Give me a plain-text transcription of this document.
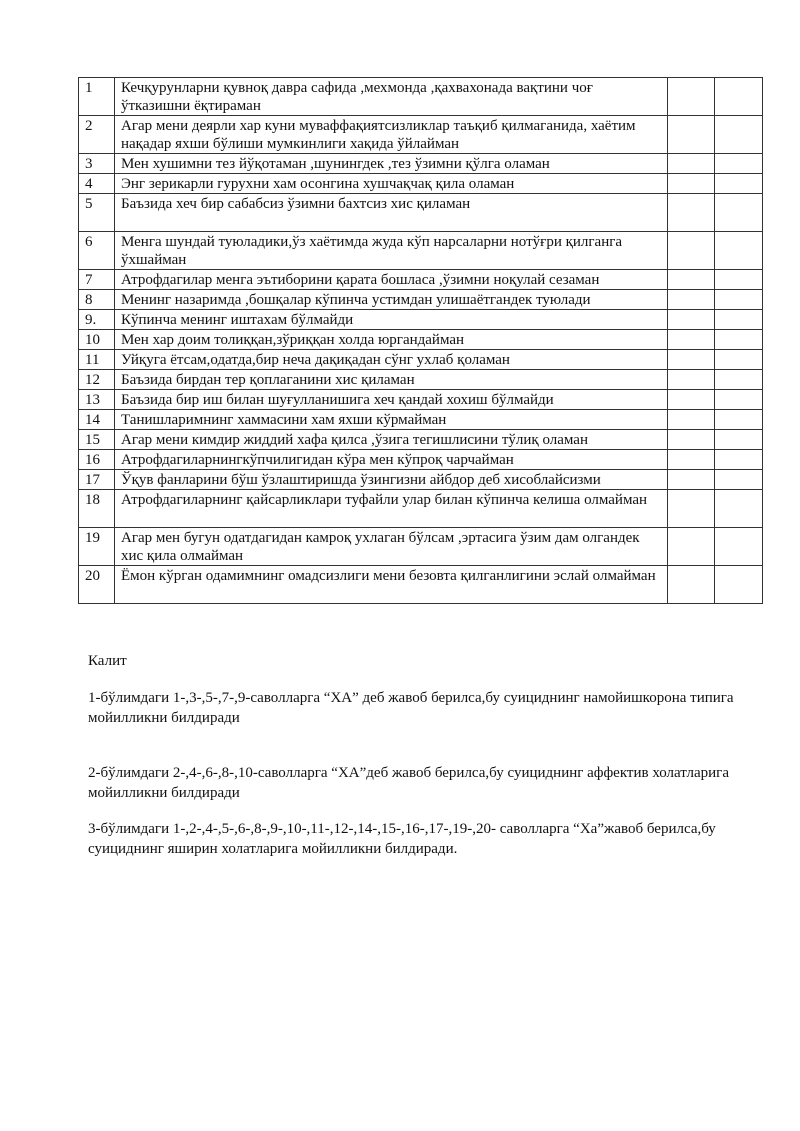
1	Кечқурунларни қувноқ давра сафида ,мехмонда ,қахвахонада вақтини чоғ ўтказишни ёқтираман		
2	Агар мени деярли хар куни муваффақиятсизликлар таъқиб қилмаганида, хаётим нақадар яхши бўлиши мумкинлиги хақида ўйлайман		
3	Мен хушимни тез йўқотаман ,шунингдек ,тез ўзимни қўлга оламан		
4	Энг зерикарли гурухни хам осонгина хушчақчақ қила оламан		
5	Баъзида хеч бир сабабсиз ўзимни бахтсиз хис қиламан		
6	Менга шундай туюладики,ўз хаётимда жуда кўп нарсаларни нотўғри қилганга ўхшайман		
7	Атрофдагилар менга эътиборини қарата бошласа ,ўзимни ноқулай сезаман		
8	Менинг назаримда ,бошқалар кўпинча устимдан улишаётгандек туюлади		
9.	Кўпинча менинг иштахам бўлмайди		
10	Мен хар доим толиққан,зўриққан холда юргандайман		
11	Уйқуга ётсам,одатда,бир неча дақиқадан сўнг ухлаб қоламан		
12	Баъзида бирдан тер қоплаганини хис қиламан		
13	Баъзида бир иш билан шуғулланишига хеч қандай хохиш бўлмайди		
14	Танишларимнинг хаммасини хам яхши кўрмайман		
15	Агар мени кимдир жиддий хафа қилса ,ўзига тегишлисини тўлиқ оламан		
16	Атрофдагиларнингкўпчилигидан кўра мен кўпроқ чарчайман		
17	Ўқув фанларини бўш ўзлаштиришда ўзингизни айбдор деб хисоблайсизми		
18	Атрофдагиларнинг қайсарликлари туфайли улар билан кўпинча келиша олмайман		
19	Агар мен бугун одатдагидан камроқ ухлаган бўлсам ,эртасига ўзим дам олгандек хис қила олмайман		
20	Ёмон кўрган одамимнинг омадсизлиги мени безовта қилганлигини эслай олмайман		
Калит

1-бўлимдаги 1-,3-,5-,7-,9-саволларга “ХА” деб жавоб берилса,бу суициднинг намойишкорона типига мойилликни билдиради

2-бўлимдаги 2-,4-,6-,8-,10-саволларга “ХА”деб жавоб берилса,бу суициднинг аффектив холатларига мойилликни билдиради

3-бўлимдаги 1-,2-,4-,5-,6-,8-,9-,10-,11-,12-,14-,15-,16-,17-,19-,20- саволларга “Ха”жавоб берилса,бу суициднинг яширин холатларига мойилликни билдиради.
